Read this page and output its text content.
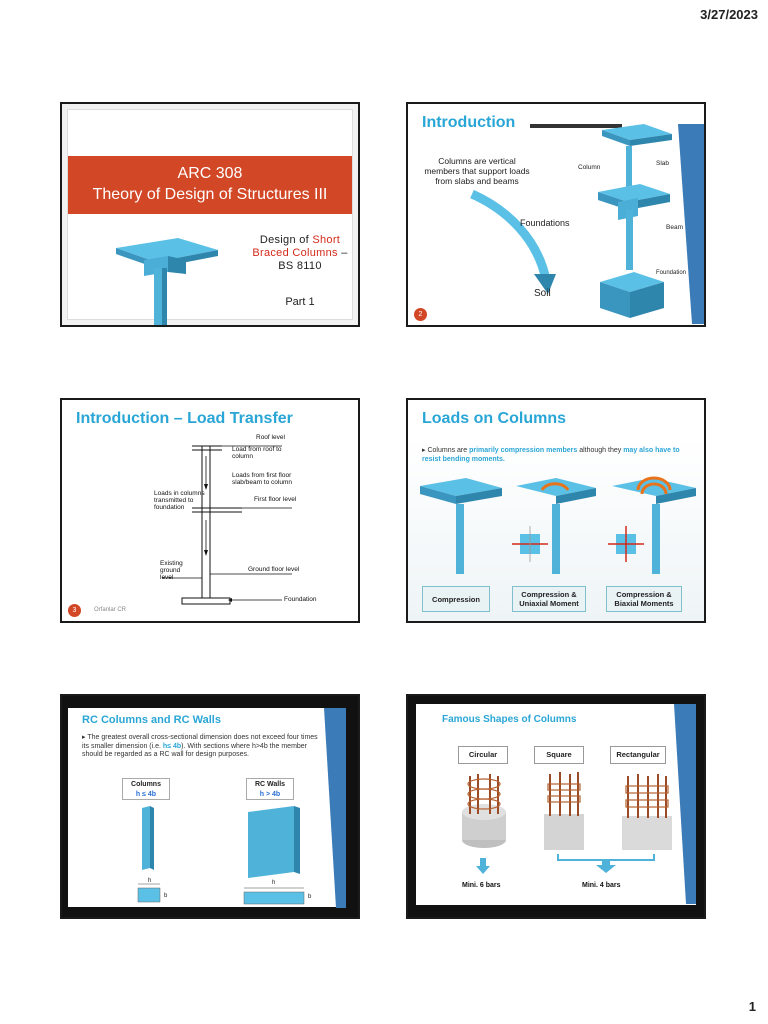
3/27/2023
ARC 308
Theory of Design of Structures III
Design of Short
Braced Columns –
BS 8110
Part 1
Introduction
Columns are vertical members that support loads from slabs and beams
Column
Slab
Beam
Foundation
Foundations
Soil
2
Introduction – Load Transfer
Roof level
Load from roof to column
Loads from first floor slab/beam to column
First floor level
Loads in columns transmitted to foundation
Existing ground level
Ground floor level
Foundation
3	Orfanlar CR
Loads on Columns
▸ Columns are primarily compression members although they may also have to resist bending moments.
Compression	Compression & Uniaxial Moment
Compression & Biaxial Moments
RC Columns and RC Walls
▸ The greatest overall cross-sectional dimension does not exceed four times its smaller dimension (i.e. h≤ 4b). With sections where h>4b the member should be regarded as a RC wall for design purposes.
Columns
h ≤ 4b
RC Walls
h > 4b
h
b
h
b
Famous Shapes of Columns
Circular	Square	Rectangular
Mini. 6 bars	Mini. 4 bars
1
